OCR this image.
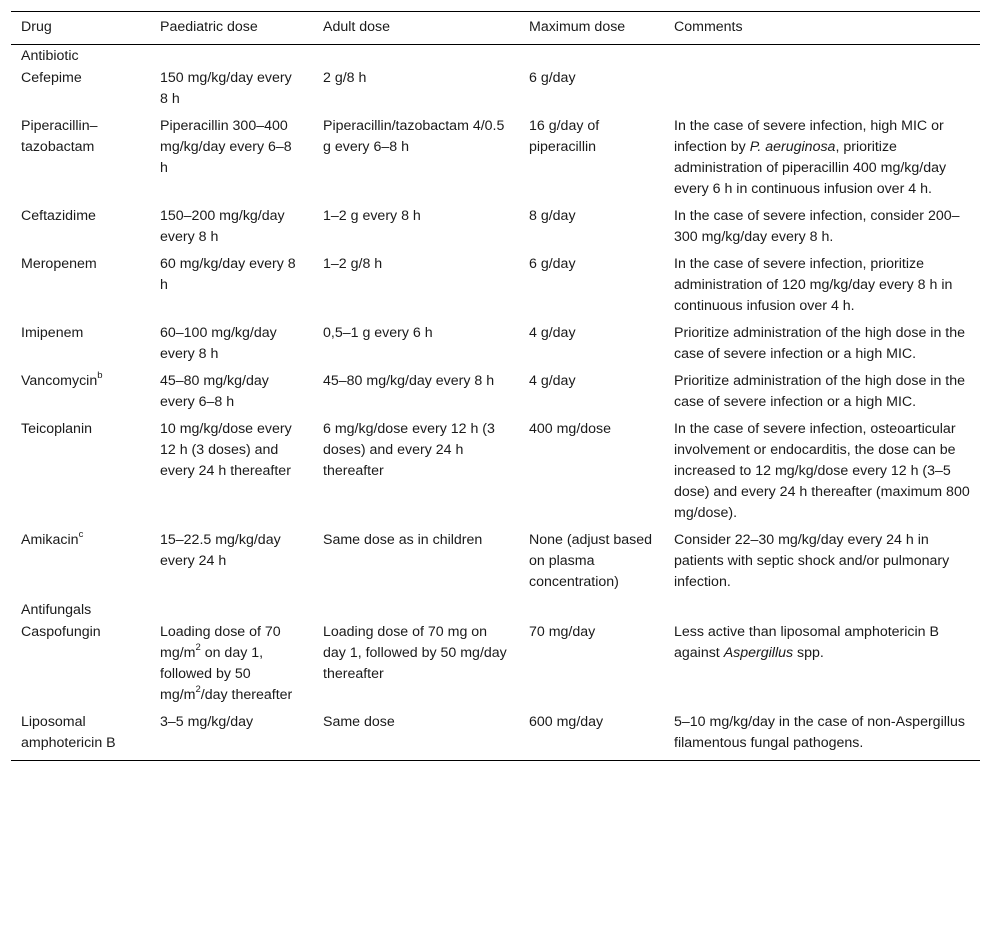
Drug	Paediatric dose	Adult dose	Maximum dose	Comments
Antibiotic				
Cefepime	150 mg/kg/day every 8 h	2 g/8 h	6 g/day	
Piperacillin–tazobactam	Piperacillin 300–400 mg/kg/day every 6–8 h	Piperacillin/tazobactam 4/0.5 g every 6–8 h	16 g/day of piperacillin	In the case of severe infection, high MIC or infection by P. aeruginosa, prioritize administration of piperacillin 400 mg/kg/day every 6 h in continuous infusion over 4 h.
Ceftazidime	150–200 mg/kg/day every 8 h	1–2 g every 8 h	8 g/day	In the case of severe infection, consider 200–300 mg/kg/day every 8 h.
Meropenem	60 mg/kg/day every 8 h	1–2 g/8 h	6 g/day	In the case of severe infection, prioritize administration of 120 mg/kg/day every 8 h in continuous infusion over 4 h.
Imipenem	60–100 mg/kg/day every 8 h	0,5–1 g every 6 h	4 g/day	Prioritize administration of the high dose in the case of severe infection or a high MIC.
Vancomycin$^b$	45–80 mg/kg/day every 6–8 h	45–80 mg/kg/day every 8 h	4 g/day	Prioritize administration of the high dose in the case of severe infection or a high MIC.
Teicoplanin	10 mg/kg/dose every 12 h (3 doses) and every 24 h thereafter	6 mg/kg/dose every 12 h (3 doses) and every 24 h thereafter	400 mg/dose	In the case of severe infection, osteoarticular involvement or endocarditis, the dose can be increased to 12 mg/kg/dose every 12 h (3–5 dose) and every 24 h thereafter (maximum 800 mg/dose).
Amikacin$^c$	15–22.5 mg/kg/day every 24 h	Same dose as in children	None (adjust based on plasma concentration)	Consider 22–30 mg/kg/day every 24 h in patients with septic shock and/or pulmonary infection.
Antifungals				
Caspofungin	Loading dose of 70 $mg/m^2$ on day 1, followed by 50 $mg/m^2$/day thereafter	Loading dose of 70 mg on day 1, followed by 50 mg/day thereafter	70 mg/day	Less active than liposomal amphotericin B against Aspergillus spp.
Liposomal amphotericin B	3–5 mg/kg/day	Same dose	600 mg/day	5–10 mg/kg/day in the case of non-Aspergillus filamentous fungal pathogens.
